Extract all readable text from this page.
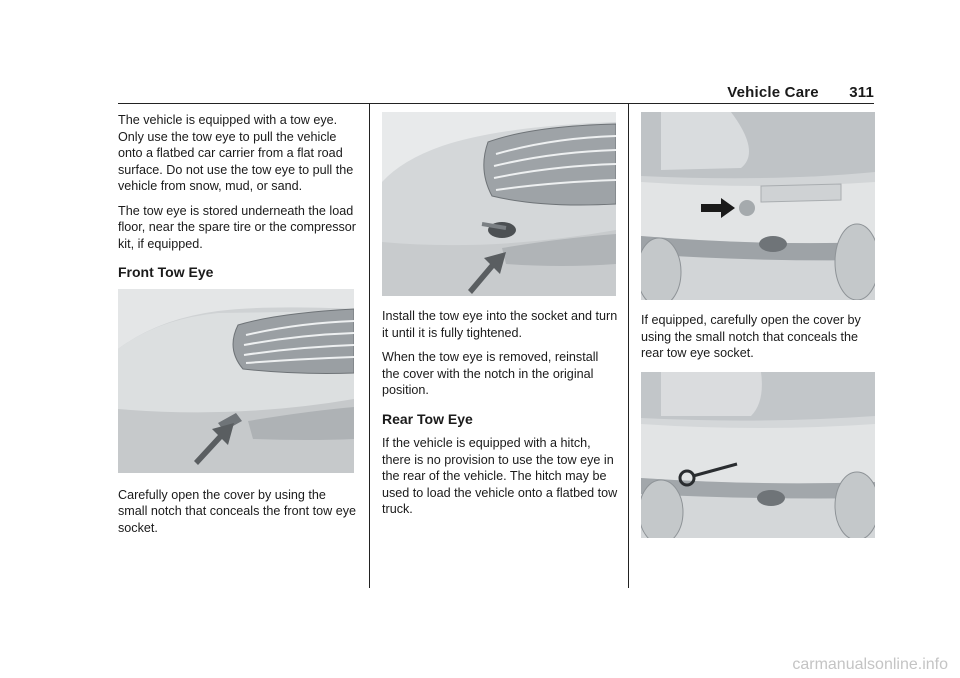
Vehicle Care 311

The vehicle is equipped with a tow eye. Only use the tow eye to pull the vehicle onto a flatbed car carrier from a flat road surface. Do not use the tow eye to pull the vehicle from snow, mud, or sand.

The tow eye is stored underneath the load floor, near the spare tire or the compressor kit, if equipped.

Front Tow Eye

Carefully open the cover by using the small notch that conceals the front tow eye socket.

Install the tow eye into the socket and turn it until it is fully tightened.

When the tow eye is removed, reinstall the cover with the notch in the original position.

Rear Tow Eye

If the vehicle is equipped with a hitch, there is no provision to use the tow eye in the rear of the vehicle. The hitch may be used to load the vehicle onto a flatbed tow truck.

If equipped, carefully open the cover by using the small notch that conceals the rear tow eye socket.

carmanualsonline.info
